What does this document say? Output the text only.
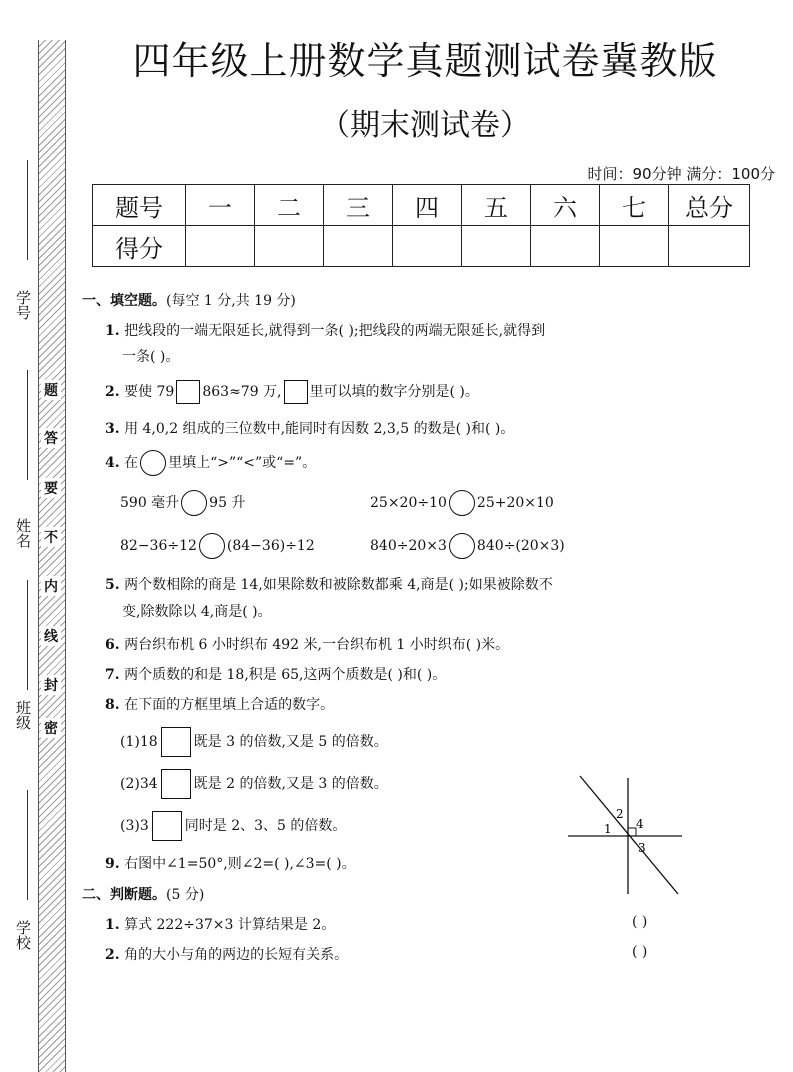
学号
姓名
班级
学校
题
答
要
不
内
线
封
密
四年级上册数学真题测试卷冀教版
（期末测试卷）
时间：90分钟 满分：100分
题号	一	二	三	四	五	六	七	总分
得分								
一、填空题。(每空 1 分,共 19 分)
1. 把线段的一端无限延长,就得到一条( );把线段的两端无限延长,就得到
一条( )。
2. 要使 79 863≈79 万, 里可以填的数字分别是( )。
3. 用 4,0,2 组成的三位数中,能同时有因数 2,3,5 的数是( )和( )。
4. 在 里填上“>”“<”或“=”。
590 毫升 95 升	25×20÷10 25+20×10
82−36÷12 (84−36)÷12	840÷20×3 840÷(20×3)
5. 两个数相除的商是 14,如果除数和被除数都乘 4,商是( );如果被除数不
变,除数除以 4,商是( )。
6. 两台织布机 6 小时织布 492 米,一台织布机 1 小时织布( )米。
7. 两个质数的和是 18,积是 65,这两个质数是( )和( )。
8. 在下面的方框里填上合适的数字。
(1)18	既是 3 的倍数,又是 5 的倍数。
(2)34	既是 2 的倍数,又是 3 的倍数。
(3)3	同时是 2、3、5 的倍数。	1
2
3
4
9. 右图中∠1=50°,则∠2=( ),∠3=( )。
二、判断题。(5 分)
1. 算式 222÷37×3 计算结果是 2。	( )
2. 角的大小与角的两边的长短有关系。	( )
